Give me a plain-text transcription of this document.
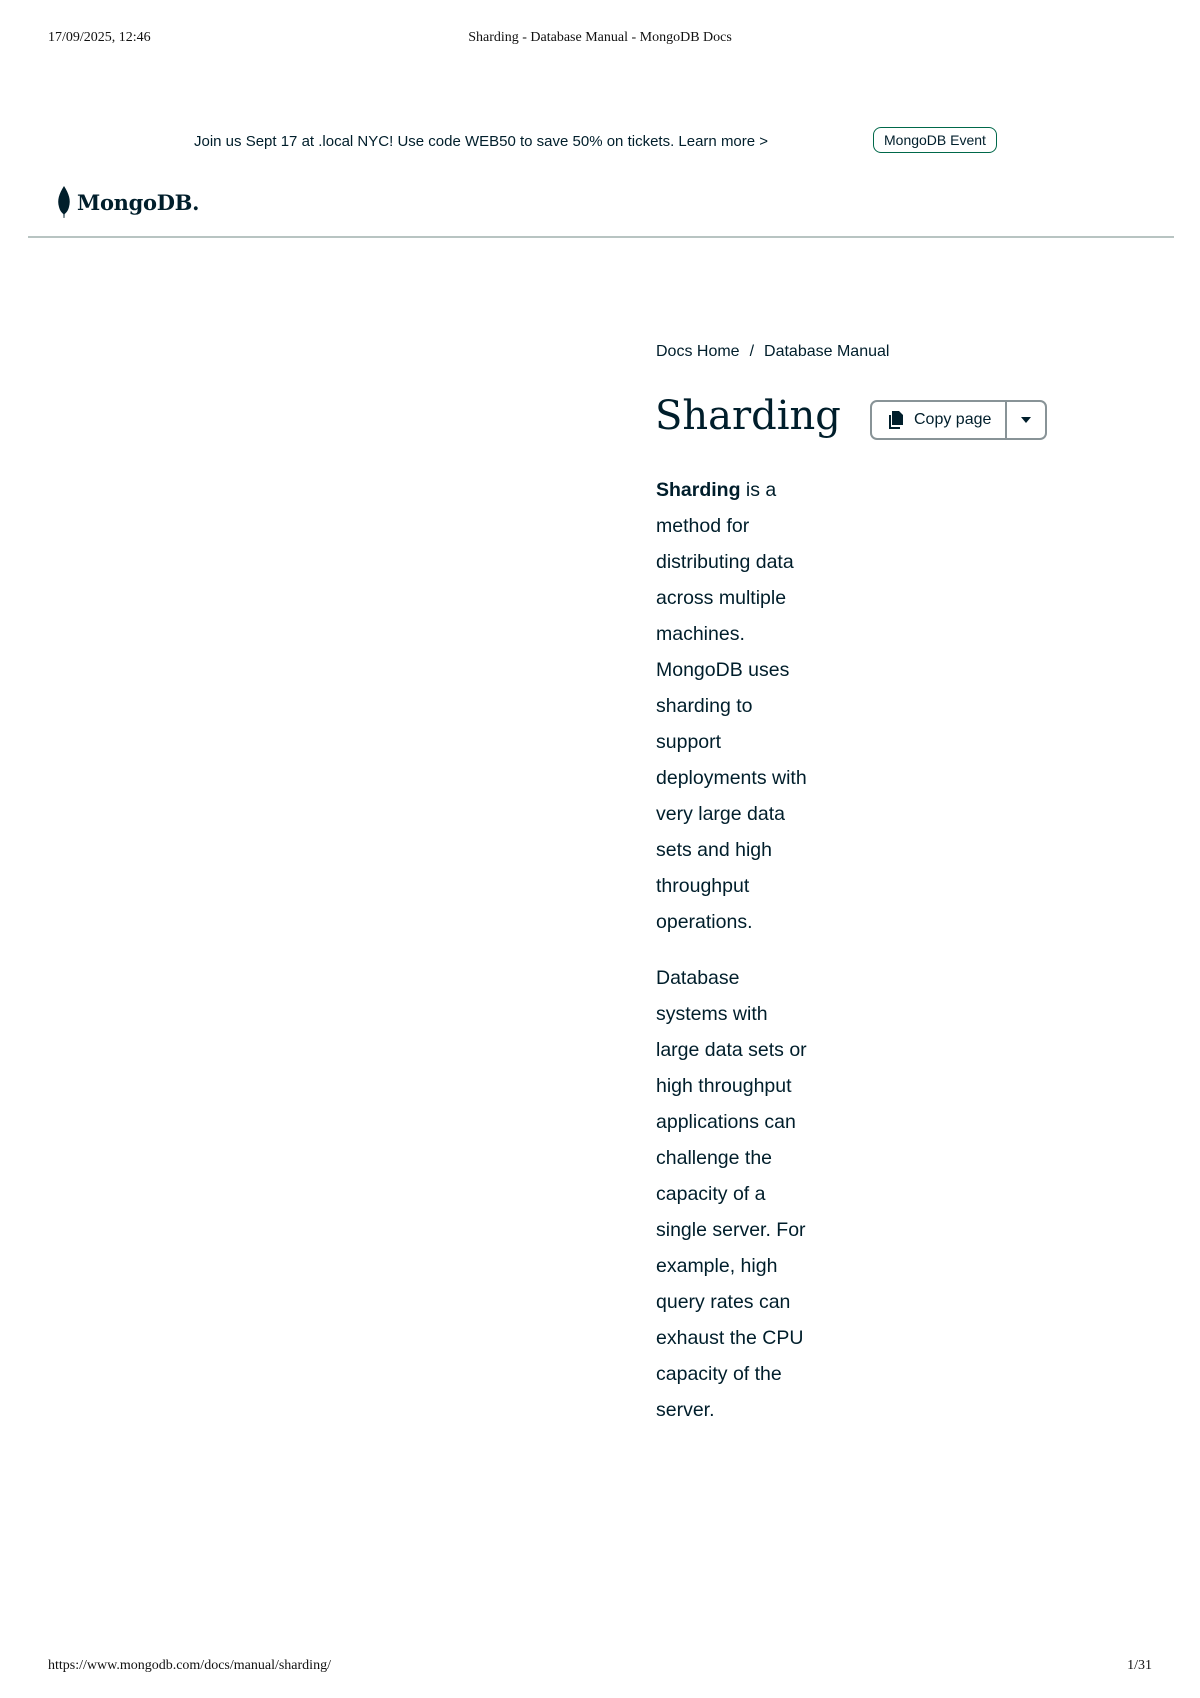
17/09/2025, 12:46	Sharding - Database Manual - MongoDB Docs
Join us Sept 17 at .local NYC! Use code WEB50 to save 50% on tickets. Learn more >	MongoDB Event
MongoDB.
Docs Home / Database Manual
Sharding	Copy page

Sharding is a method for distributing data across multiple machines. MongoDB uses sharding to support deployments with very large data sets and high throughput operations.

Database systems with large data sets or high throughput applications can challenge the capacity of a single server. For example, high query rates can exhaust the CPU capacity of the server.

https://www.mongodb.com/docs/manual/sharding/	1/31
